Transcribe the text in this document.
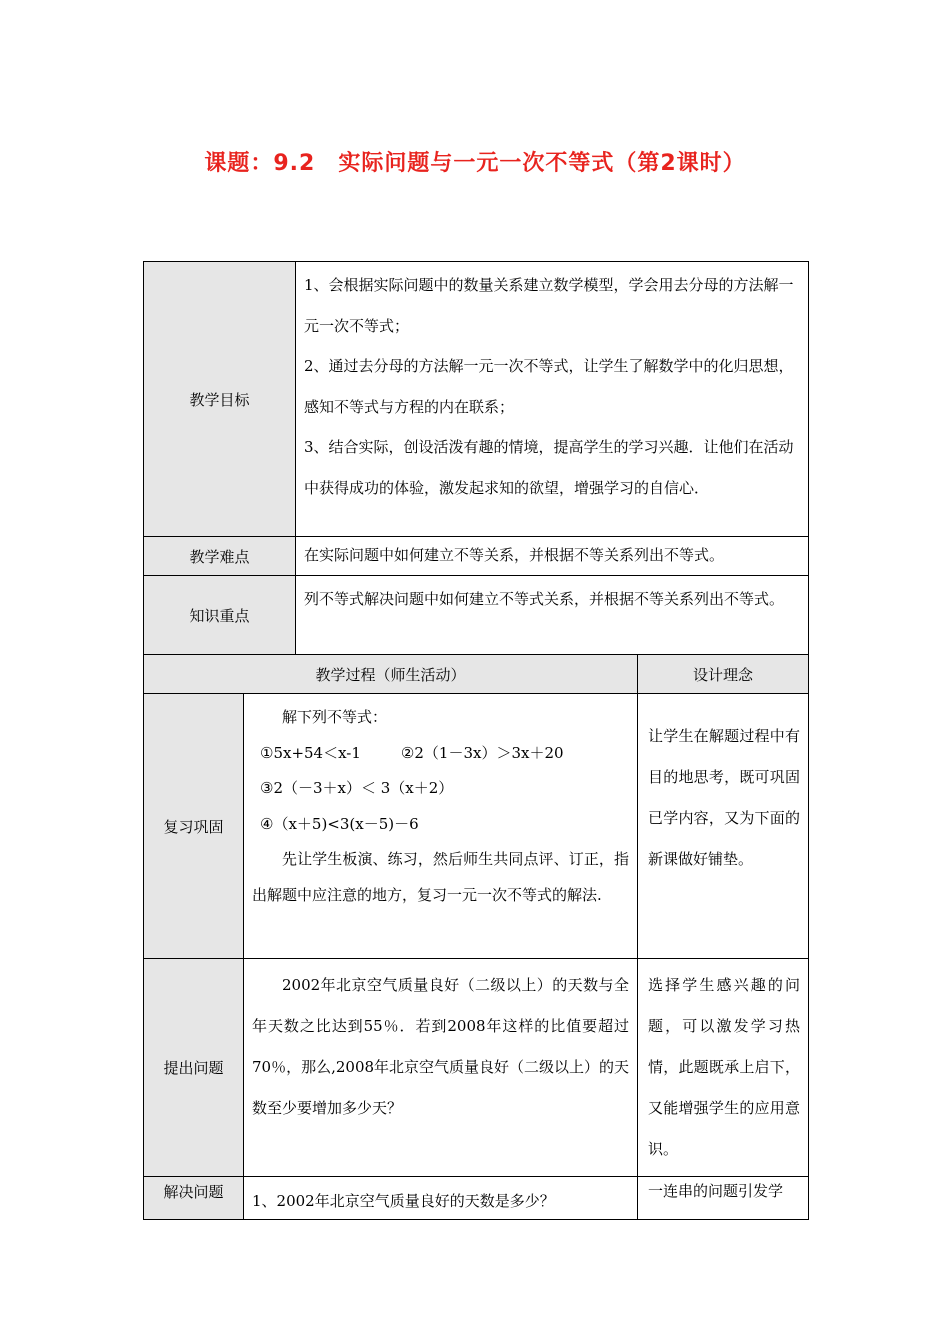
课题：9.2　实际问题与一元一次不等式（第2课时）
教学目标		1、会根据实际问题中的数量关系建立数学模型，学会用去分母的方法解一元一次不等式；
2、通过去分母的方法解一元一次不等式，让学生了解数学中的化归思想，感知不等式与方程的内在联系；
3、结合实际，创设活泼有趣的情境，提高学生的学习兴趣．让他们在活动中获得成功的体验，激发起求知的欲望，增强学习的自信心．	

教学难点		在实际问题中如何建立不等关系，并根据不等关系列出不等式。	

知识重点		列不等式解决问题中如何建立不等式关系，并根据不等关系列出不等式。	

教学过程（师生活动）			设计理念
复习巩固	解下列不等式：
①5x+54＜x-1 ②2（1－3x）＞3x＋20
③2（－3＋x）＜ 3（x＋2）
④（x＋5)<3(x－5)－6
先让学生板演、练习，然后师生共同点评、订正，指出解题中应注意的地方，复习一元一次不等式的解法.		让学生在解题过程中有目的地思考，既可巩固已学内容，又为下面的新课做好铺垫。

提出问题	2002年北京空气质量良好（二级以上）的天数与全年天数之比达到55％．若到2008年这样的比值要超过70％，那么,2008年北京空气质量良好（二级以上）的天数至少要增加多少天？		选择学生感兴趣的问题，可以激发学习热情，此题既承上启下，又能增强学生的应用意识。

解决问题	1、2002年北京空气质量良好的天数是多少？		一连串的问题引发学
